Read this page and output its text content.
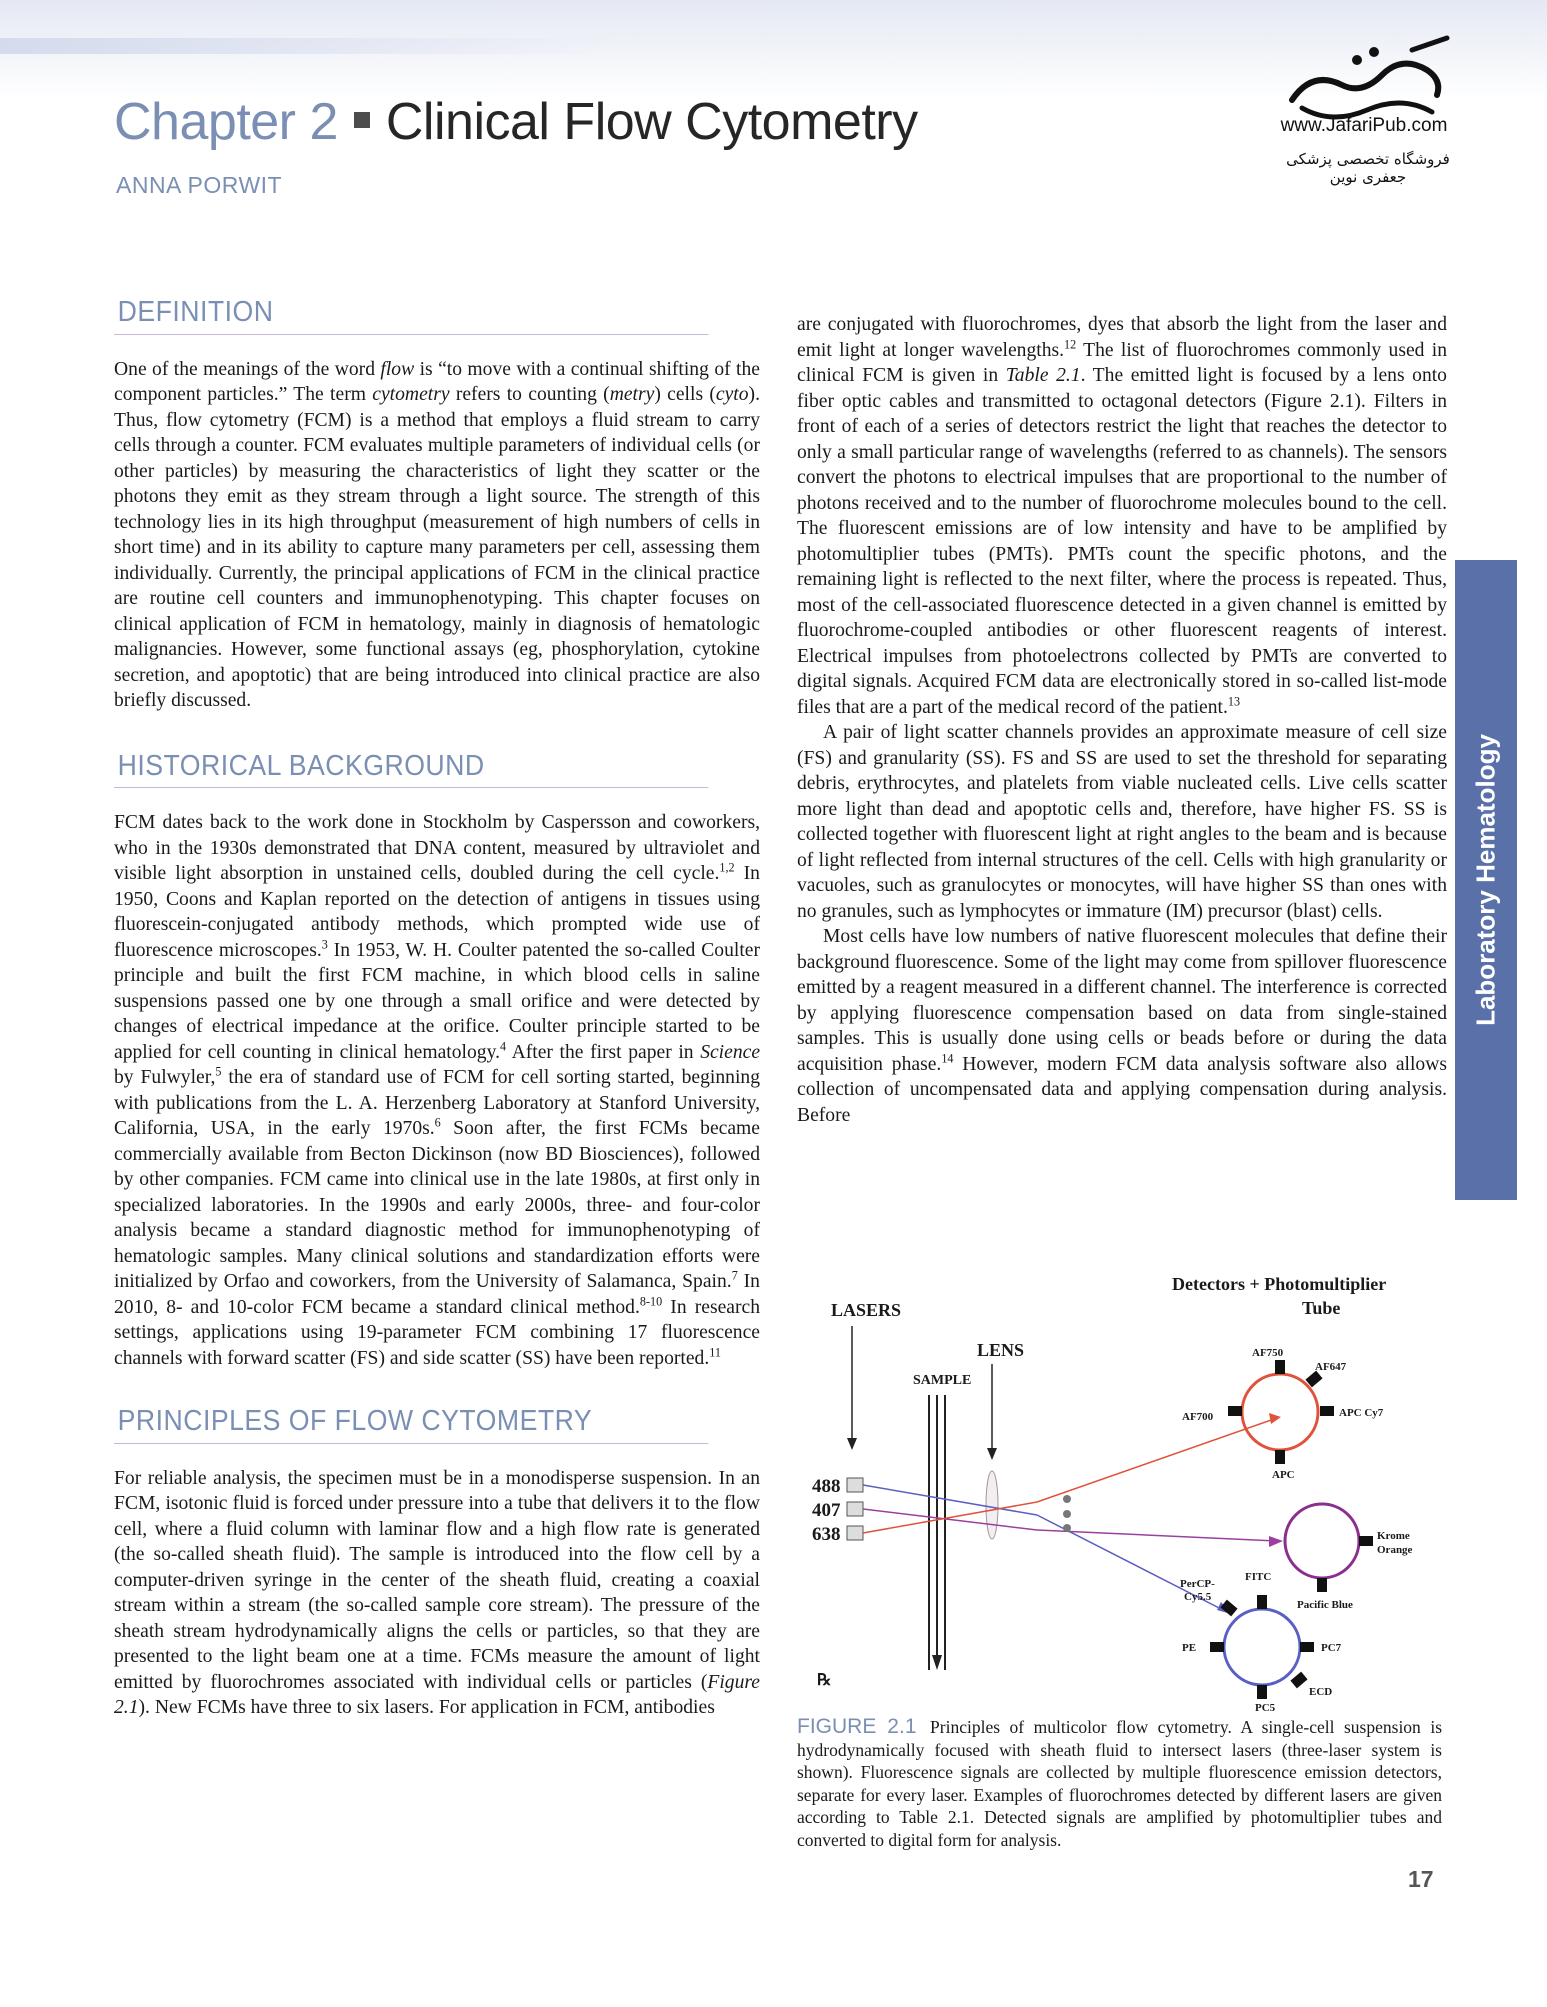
Chapter 2 Clinical Flow Cytometry
ANNA PORWIT
www.JafariPub.com
فروشگاه تخصصی پزشکی جعفری نوین
DEFINITION

One of the meanings of the word flow is “to move with a continual shifting of the component particles.” The term cytometry refers to counting (metry) cells (cyto). Thus, flow cytometry (FCM) is a method that employs a fluid stream to carry cells through a counter. FCM evaluates multiple parameters of individual cells (or other particles) by measuring the characteristics of light they scatter or the photons they emit as they stream through a light source. The strength of this technology lies in its high throughput (measurement of high numbers of cells in short time) and in its ability to capture many parameters per cell, assessing them individually. Currently, the principal applications of FCM in the clinical practice are routine cell counters and immunophenotyping. This chapter focuses on clinical application of FCM in hematology, mainly in diagnosis of hematologic malignancies. However, some functional assays (eg, phosphorylation, cytokine secretion, and apoptotic) that are being introduced into clinical practice are also briefly discussed.

HISTORICAL BACKGROUND

FCM dates back to the work done in Stockholm by Caspersson and coworkers, who in the 1930s demonstrated that DNA content, measured by ultraviolet and visible light absorption in unstained cells, doubled during the cell cycle.$^{1,2}$ In 1950, Coons and Kaplan reported on the detection of antigens in tissues using fluorescein-conjugated antibody methods, which prompted wide use of fluorescence microscopes.$^3$ In 1953, W. H. Coulter patented the so-called Coulter principle and built the first FCM machine, in which blood cells in saline suspensions passed one by one through a small orifice and were detected by changes of electrical impedance at the orifice. Coulter principle started to be applied for cell counting in clinical hematology.$^4$ After the first paper in Science by Fulwyler,$^5$ the era of standard use of FCM for cell sorting started, beginning with publications from the L. A. Herzenberg Laboratory at Stanford University, California, USA, in the early 1970s.$^6$ Soon after, the first FCMs became commercially available from Becton Dickinson (now BD Biosciences), followed by other companies. FCM came into clinical use in the late 1980s, at first only in specialized laboratories. In the 1990s and early 2000s, three- and four-color analysis became a standard diagnostic method for immunophenotyping of hematologic samples. Many clinical solutions and standardization efforts were initialized by Orfao and coworkers, from the University of Salamanca, Spain.$^7$ In 2010, 8- and 10-color FCM became a standard clinical method.$^{8-10}$ In research settings, applications using 19-parameter FCM combining 17 fluorescence channels with forward scatter (FS) and side scatter (SS) have been reported.$^{11}$

PRINCIPLES OF FLOW CYTOMETRY

For reliable analysis, the specimen must be in a monodisperse suspension. In an FCM, isotonic fluid is forced under pressure into a tube that delivers it to the flow cell, where a fluid column with laminar flow and a high flow rate is generated (the so-called sheath fluid). The sample is introduced into the flow cell by a computer-driven syringe in the center of the sheath fluid, creating a coaxial stream within a stream (the so-called sample core stream). The pressure of the sheath stream hydrodynamically aligns the cells or particles, so that they are presented to the light beam one at a time. FCMs measure the amount of light emitted by fluorochromes associated with individual cells or particles (Figure 2.1). New FCMs have three to six lasers. For application in FCM, antibodies

are conjugated with fluorochromes, dyes that absorb the light from the laser and emit light at longer wavelengths.$^{12}$ The list of fluorochromes commonly used in clinical FCM is given in Table 2.1. The emitted light is focused by a lens onto fiber optic cables and transmitted to octagonal detectors (Figure 2.1). Filters in front of each of a series of detectors restrict the light that reaches the detector to only a small particular range of wavelengths (referred to as channels). The sensors convert the photons to electrical impulses that are proportional to the number of photons received and to the number of fluorochrome molecules bound to the cell. The fluorescent emissions are of low intensity and have to be amplified by photomultiplier tubes (PMTs). PMTs count the specific photons, and the remaining light is reflected to the next filter, where the process is repeated. Thus, most of the cell-associated fluorescence detected in a given channel is emitted by fluorochrome-coupled antibodies or other fluorescent reagents of interest. Electrical impulses from photoelectrons collected by PMTs are converted to digital signals. Acquired FCM data are electronically stored in so-called list-mode files that are a part of the medical record of the patient.$^{13}$

A pair of light scatter channels provides an approximate measure of cell size (FS) and granularity (SS). FS and SS are used to set the threshold for separating debris, erythrocytes, and platelets from viable nucleated cells. Live cells scatter more light than dead and apoptotic cells and, therefore, have higher FS. SS is collected together with fluorescent light at right angles to the beam and is because of light reflected from internal structures of the cell. Cells with high granularity or vacuoles, such as granulocytes or monocytes, will have higher SS than ones with no granules, such as lymphocytes or immature (IM) precursor (blast) cells.

Most cells have low numbers of native fluorescent molecules that define their background fluorescence. Some of the light may come from spillover fluorescence emitted by a reagent measured in a different channel. The interference is corrected by applying fluorescence compensation based on data from single-stained samples. This is usually done using cells or beads before or during the data acquisition phase.$^{14}$ However, modern FCM data analysis software also allows collection of uncompensated data and applying compensation during analysis. Before

Laboratory Hematology
Detectors + Photomultiplier
Tube
LASERS
LENS
SAMPLE
488
407
638
AF750
AF647
APC Cy7
AF700
APC
Krome
Orange
Pacific Blue
PerCP-
Cy5.5
FITC
PE	PC7
ECD
PC5
℞
FIGURE 2.1 Principles of multicolor flow cytometry. A single-cell suspension is hydrodynamically focused with sheath fluid to intersect lasers (three-laser system is shown). Fluorescence signals are collected by multiple fluorescence emission detectors, separate for every laser. Examples of fluorochromes detected by different lasers are given according to Table 2.1. Detected signals are amplified by photomultiplier tubes and converted to digital form for analysis.
17
